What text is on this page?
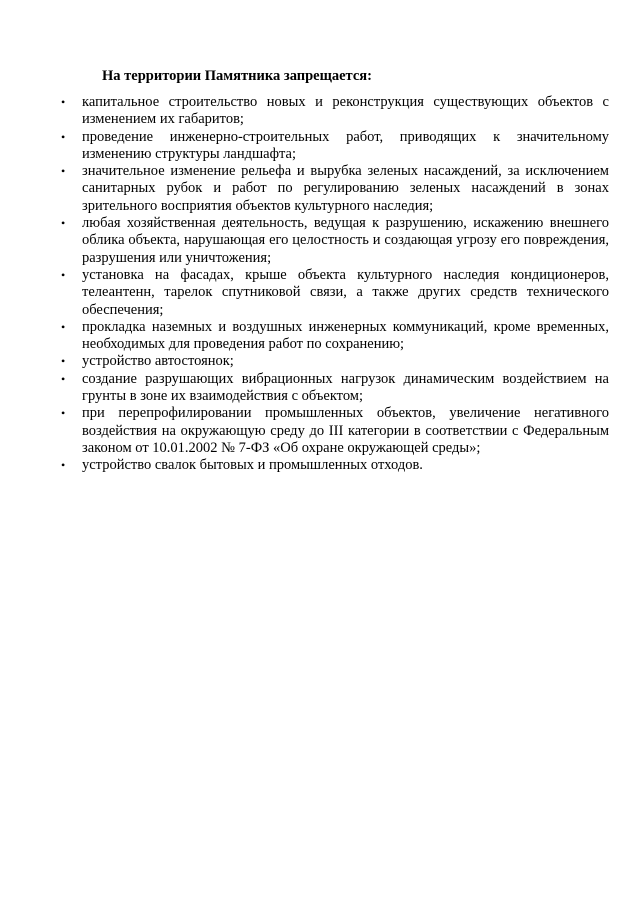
На территории Памятника запрещается:
• капитальное строительство новых и реконструкция существующих объектов с изменением их габаритов;
• проведение инженерно-строительных работ, приводящих к значительному изменению структуры ландшафта;
• значительное изменение рельефа и вырубка зеленых насаждений, за исключением санитарных рубок и работ по регулированию зеленых насаждений в зонах зрительного восприятия объектов культурного наследия;
• любая хозяйственная деятельность, ведущая к разрушению, искажению внешнего облика объекта, нарушающая его целостность и создающая угрозу его повреждения, разрушения или уничтожения;
• установка на фасадах, крыше объекта культурного наследия кондиционеров, телеантенн, тарелок спутниковой связи, а также других средств технического обеспечения;
• прокладка наземных и воздушных инженерных коммуникаций, кроме временных, необходимых для проведения работ по сохранению;
• устройство автостоянок;
• создание разрушающих вибрационных нагрузок динамическим воздействием на грунты в зоне их взаимодействия с объектом;
• при перепрофилировании промышленных объектов, увеличение негативного воздействия на окружающую среду до III категории в соответствии с Федеральным законом от 10.01.2002 № 7-ФЗ «Об охране окружающей среды»;
• устройство свалок бытовых и промышленных отходов.
